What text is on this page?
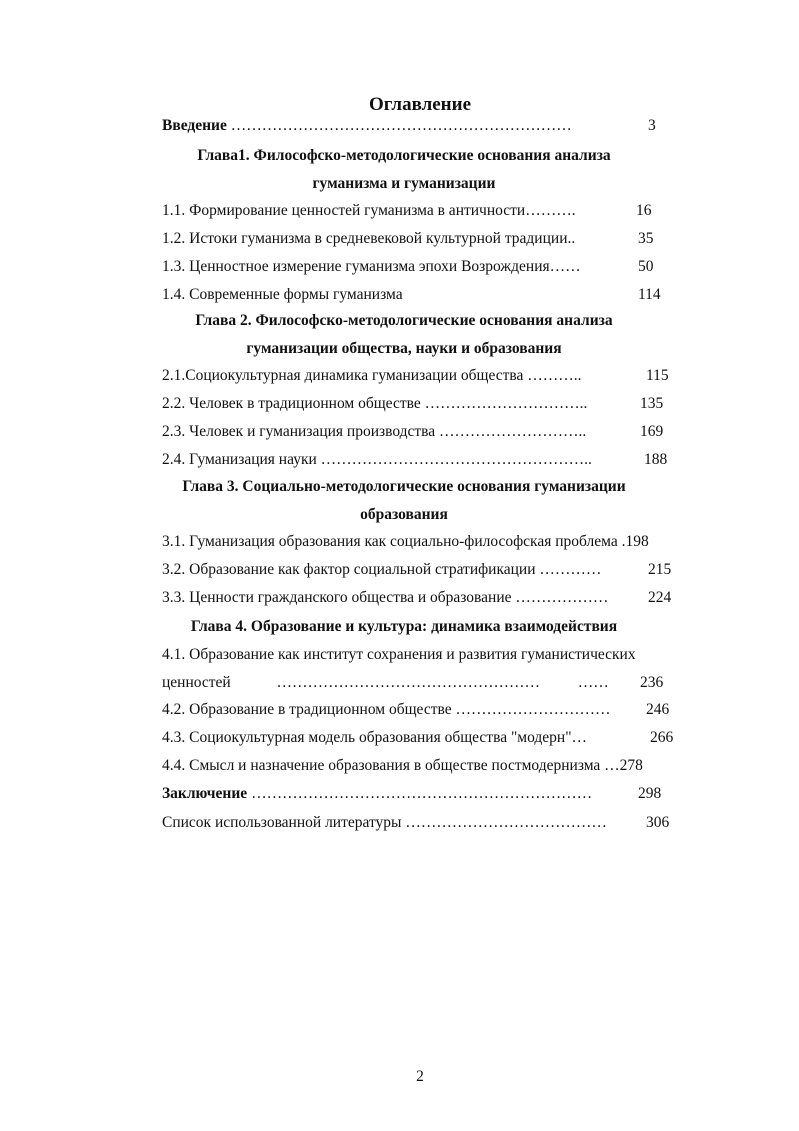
Оглавление
Введение …………………………………………………………	3
Глава1. Философско-методологические основания анализа
гуманизма и гуманизации
1.1. Формирование ценностей гуманизма в античности……….	16
1.2. Истоки гуманизма в средневековой культурной традиции..	35
1.3. Ценностное измерение гуманизма эпохи Возрождения……	50
1.4. Современные формы гуманизма	114
Глава 2. Философско-методологические основания анализа
гуманизации общества, науки и образования
2.1.Социокультурная динамика гуманизации общества ………..	115
2.2. Человек в традиционном обществе …………………………..	135
2.3. Человек и гуманизация производства ………………………..	169
2.4. Гуманизация науки ……………………………………………..	188
Глава 3. Социально-методологические основания гуманизации
образования
3.1. Гуманизация образования как социально-философская проблема .198
3.2. Образование как фактор социальной стратификации …………	215
3.3. Ценности гражданского общества и образование ………………	224
Глава 4. Образование и культура: динамика взаимодействия
4.1. Образование как институт сохранения и развития гуманистических
ценностей	…………………………………………… …… 236
4.2. Образование в традиционном обществе ………………………… 246
4.3. Социокультурная модель образования общества "модерн"…	266
4.4. Смысл и назначение образования в обществе постмодернизма …278
Заключение …………………………………………………………	298
Список использованной литературы …………………………………	306
2
